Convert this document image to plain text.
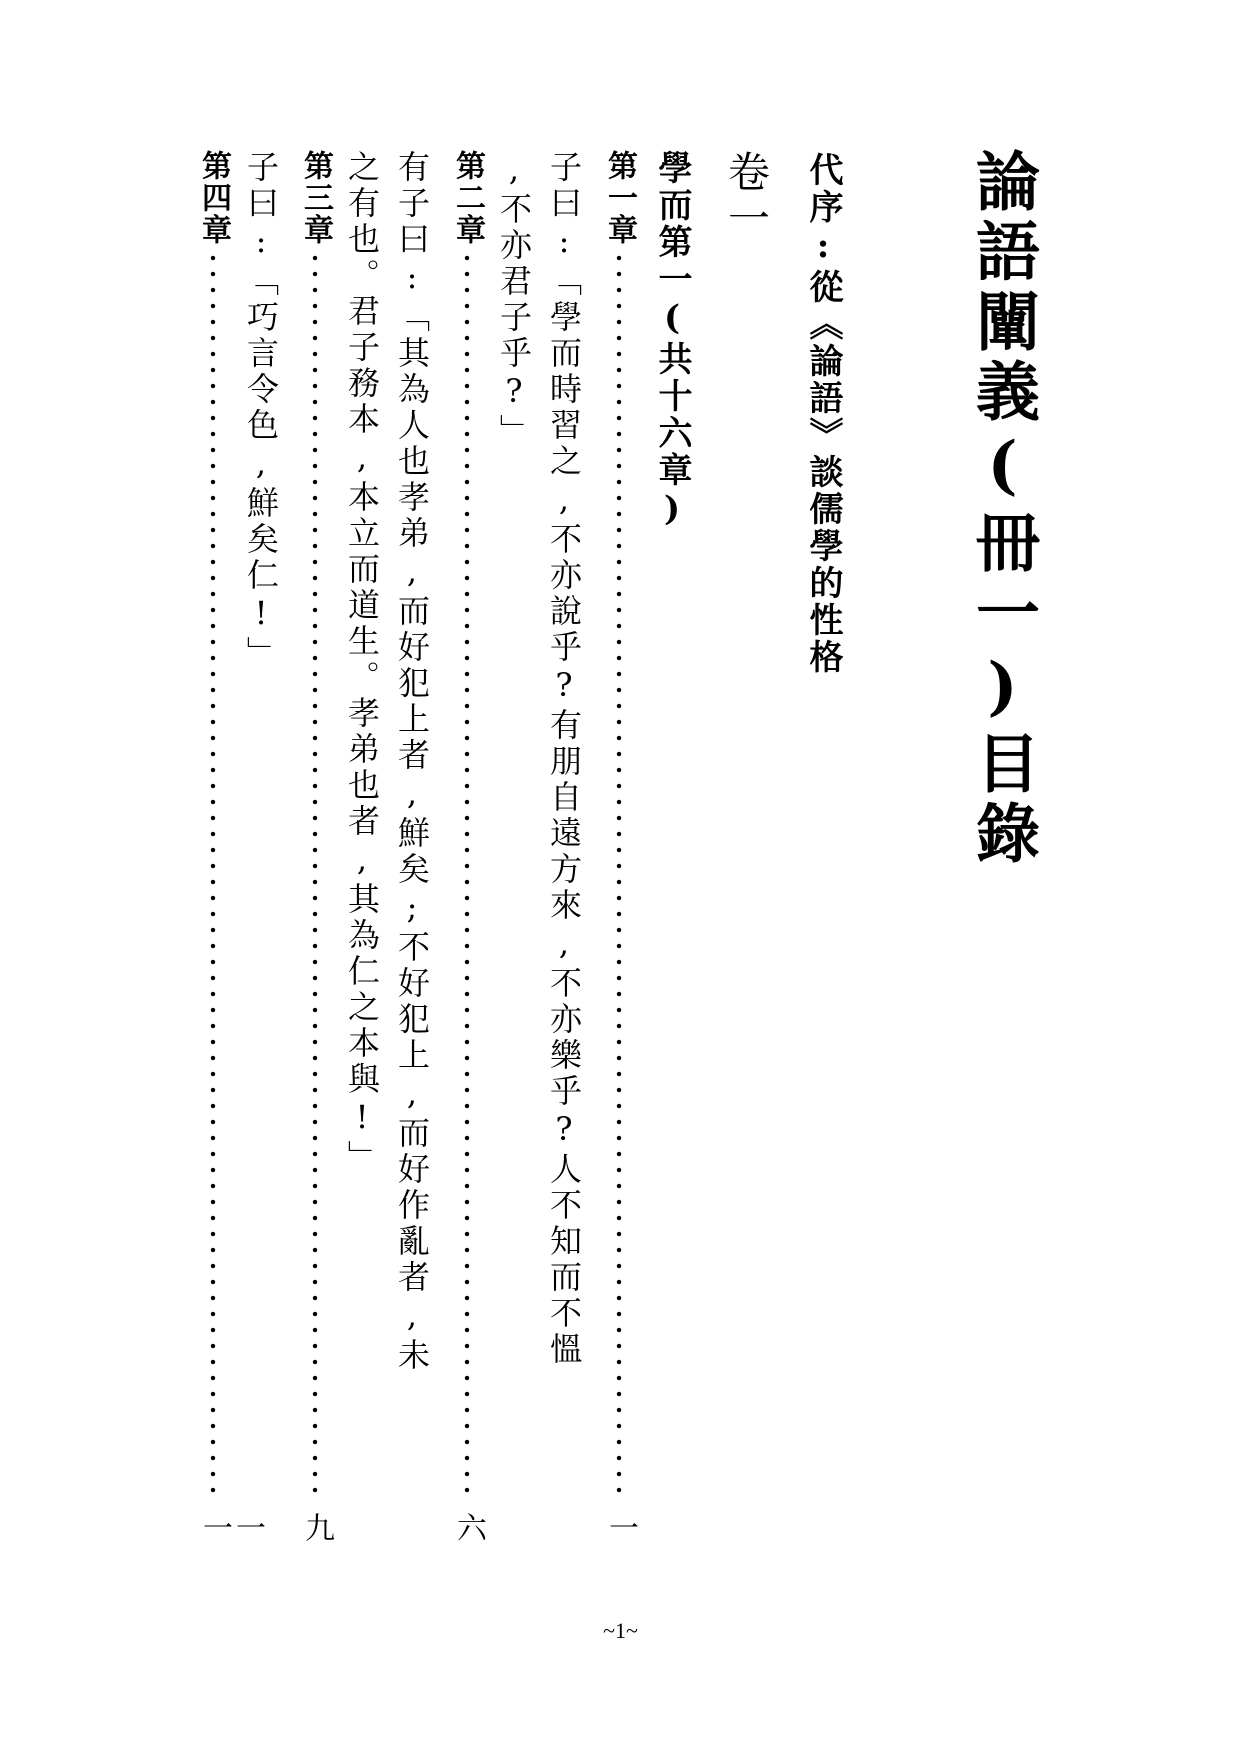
論語闡義(冊一)目錄
代序:從《論語》談儒學的性格
卷一
學而第一(共十六章)
第一章
一
子曰:「學而時習之,不亦說乎?有朋自遠方來,不亦樂乎?人不知而不慍
,不亦君子乎?」
第二章
六
有子曰:「其為人也孝弟,而好犯上者,鮮矣;不好犯上,而好作亂者,未
之有也。君子務本,本立而道生。孝弟也者,其為仁之本與!」
第三章
九
子曰:「巧言令色,鮮矣仁!」
第四章
一一
~1~
